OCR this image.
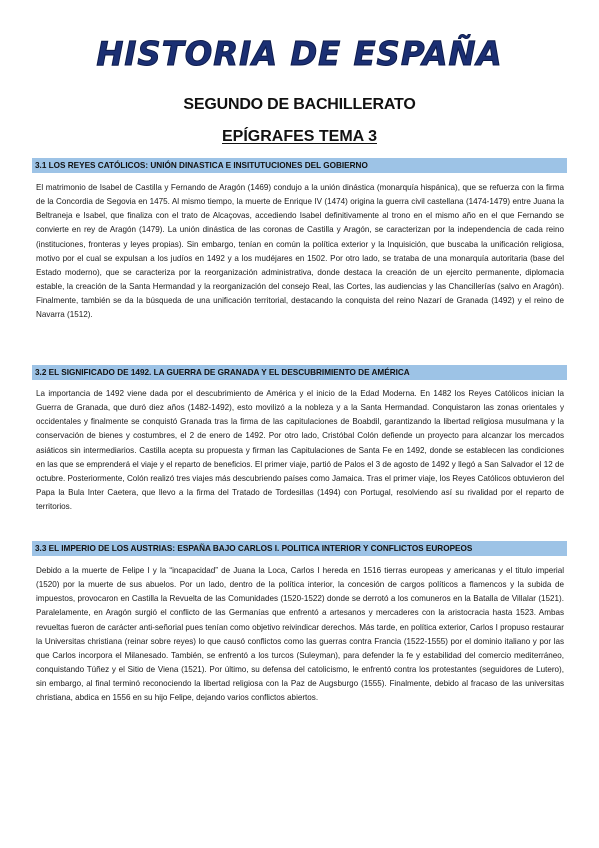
HISTORIA DE ESPAÑA
SEGUNDO DE BACHILLERATO
EPÍGRAFES TEMA 3
3.1 LOS REYES CATÓLICOS: UNIÓN DINASTICA E INSITUTUCIONES DEL GOBIERNO
El matrimonio de Isabel de Castilla y Fernando de Aragón (1469) condujo a la unión dinástica (monarquía hispánica), que se refuerza con la firma de la Concordia de Segovia en 1475. Al mismo tiempo, la muerte de Enrique IV (1474) origina la guerra civil castellana (1474-1479) entre Juana la Beltraneja e Isabel, que finaliza con el trato de Alcaçovas, accediendo Isabel definitivamente al trono en el mismo año en el que Fernando se convierte en rey de Aragón (1479). La unión dinástica de las coronas de Castilla y Aragón, se caracterizan por la independencia de cada reino (instituciones, fronteras y leyes propias). Sin embargo, tenían en común la política exterior y la Inquisición, que buscaba la unificación religiosa, motivo por el cual se expulsan a los judíos en 1492 y a los mudéjares en 1502. Por otro lado, se trataba de una monarquía autoritaria (base del Estado moderno), que se caracteriza por la reorganización administrativa, donde destaca la creación de un ejercito permanente, diplomacia estable, la creación de la Santa Hermandad y la reorganización del consejo Real, las Cortes, las audiencias y las Chancillerías (salvo en Aragón). Finalmente, también se da la búsqueda de una unificación territorial, destacando la conquista del reino Nazarí de Granada (1492) y el reino de Navarra (1512).
3.2 EL SIGNIFICADO DE 1492. LA GUERRA DE GRANADA Y EL DESCUBRIMIENTO DE AMÉRICA
La importancia de 1492 viene dada por el descubrimiento de América y el inicio de la Edad Moderna. En 1482 los Reyes Católicos inician la Guerra de Granada, que duró diez años (1482-1492), esto movilizó a la nobleza y a la Santa Hermandad. Conquistaron las zonas orientales y occidentales y finalmente se conquistó Granada tras la firma de las capitulaciones de Boabdil, garantizando la libertad religiosa musulmana y la conservación de bienes y costumbres, el 2 de enero de 1492. Por otro lado, Cristóbal Colón defiende un proyecto para alcanzar los mercados asiáticos sin intermediarios. Castilla acepta su propuesta y firman las Capitulaciones de Santa Fe en 1492, donde se establecen las condiciones en las que se emprenderá el viaje y el reparto de beneficios. El primer viaje, partió de Palos el 3 de agosto de 1492 y llegó a San Salvador el 12 de octubre. Posteriormente, Colón realizó tres viajes más descubriendo países como Jamaica. Tras el primer viaje, los Reyes Católicos obtuvieron del Papa la Bula Inter Caetera, que llevo a la firma del Tratado de Tordesillas (1494) con Portugal, resolviendo así su rivalidad por el reparto de territorios.
3.3 EL IMPERIO DE LOS AUSTRIAS: ESPAÑA BAJO CARLOS I. POLITICA INTERIOR Y CONFLICTOS EUROPEOS
Debido a la muerte de Felipe I y la “incapacidad” de Juana la Loca, Carlos I hereda en 1516 tierras europeas y americanas y el titulo imperial (1520) por la muerte de sus abuelos. Por un lado, dentro de la política interior, la concesión de cargos políticos a flamencos y la subida de impuestos, provocaron en Castilla la Revuelta de las Comunidades (1520-1522) donde se derrotó a los comuneros en la Batalla de Villalar (1521). Paralelamente, en Aragón surgió el conflicto de las Germanías que enfrentó a artesanos y mercaderes con la aristocracia hasta 1523. Ambas revueltas fueron de carácter anti-señorial pues tenían como objetivo reivindicar derechos. Más tarde, en política exterior, Carlos I propuso restaurar la Universitas christiana (reinar sobre reyes) lo que causó conflictos como las guerras contra Francia (1522-1555) por el dominio italiano y por las que Carlos incorpora el Milanesado. También, se enfrentó a los turcos (Suleyman), para defender la fe y estabilidad del comercio mediterráneo, conquistando Túñez y el Sitio de Viena (1521). Por último, su defensa del catolicismo, le enfrentó contra los protestantes (seguidores de Lutero), sin embargo, al final terminó reconociendo la libertad religiosa con la Paz de Augsburgo (1555). Finalmente, debido al fracaso de las universitas christiana, abdica en 1556 en su hijo Felipe, dejando varios conflictos abiertos.
